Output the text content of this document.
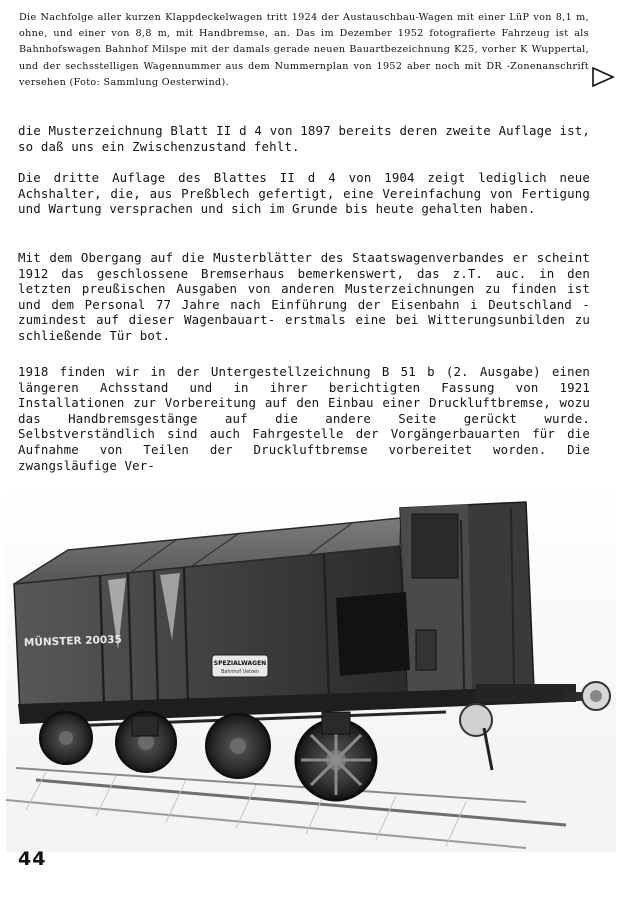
Die Nachfolge aller kurzen Klappdeckelwagen tritt 1924 der Austauschbau-Wagen mit einer LüP von 8,1 m, ohne, und einer von 8,8 m, mit Handbremse, an. Das im Dezember 1952 fotografierte Fahrzeug ist als Bahnhofswagen Bahnhof Milspe mit der damals gerade neuen Bauartbezeichnung K25, vorher K Wuppertal, und der sechsstelligen Wagennummer aus dem Nummernplan von 1952 aber noch mit DR -Zonenanschrift versehen (Foto: Sammlung Oesterwind).
die Musterzeichnung Blatt II d 4 von 1897 bereits deren zweite Auflage ist, so daß uns ein Zwischenzustand fehlt.
Die dritte Auflage des Blattes II d 4 von 1904 zeigt lediglich neue Achshalter, die, aus Preßblech gefertigt, eine Vereinfachung von Fertigung und Wartung versprachen und sich im Grunde bis heute gehalten haben.
Mit dem Obergang auf die Musterblätter des Staatswagenverbandes er scheint 1912 das geschlossene Bremserhaus bemerkenswert, das z.T. auc. in den letzten preußischen Ausgaben von anderen Musterzeichnungen zu finden ist und dem Personal 77 Jahre nach Einführung der Eisenbahn i Deutschland -zumindest auf dieser Wagenbauart- erstmals eine bei Witterungsunbilden zu schließende Tür bot.
1918 finden wir in der Untergestellzeichnung B 51 b (2. Ausgabe) einen längeren Achsstand und in ihrer berichtigten Fassung von 1921 Installationen zur Vorbereitung auf den Einbau einer Druckluftbremse, wozu das Handbremsgestänge auf die andere Seite gerückt wurde. Selbstverständlich sind auch Fahrgestelle der Vorgängerbauarten für die Aufnahme von Teilen der Druckluftbremse vorbereitet worden. Die zwangsläufige Ver-
MÜNSTER 20035
SPEZIALWAGEN
Bahnhof Uelzen
44
